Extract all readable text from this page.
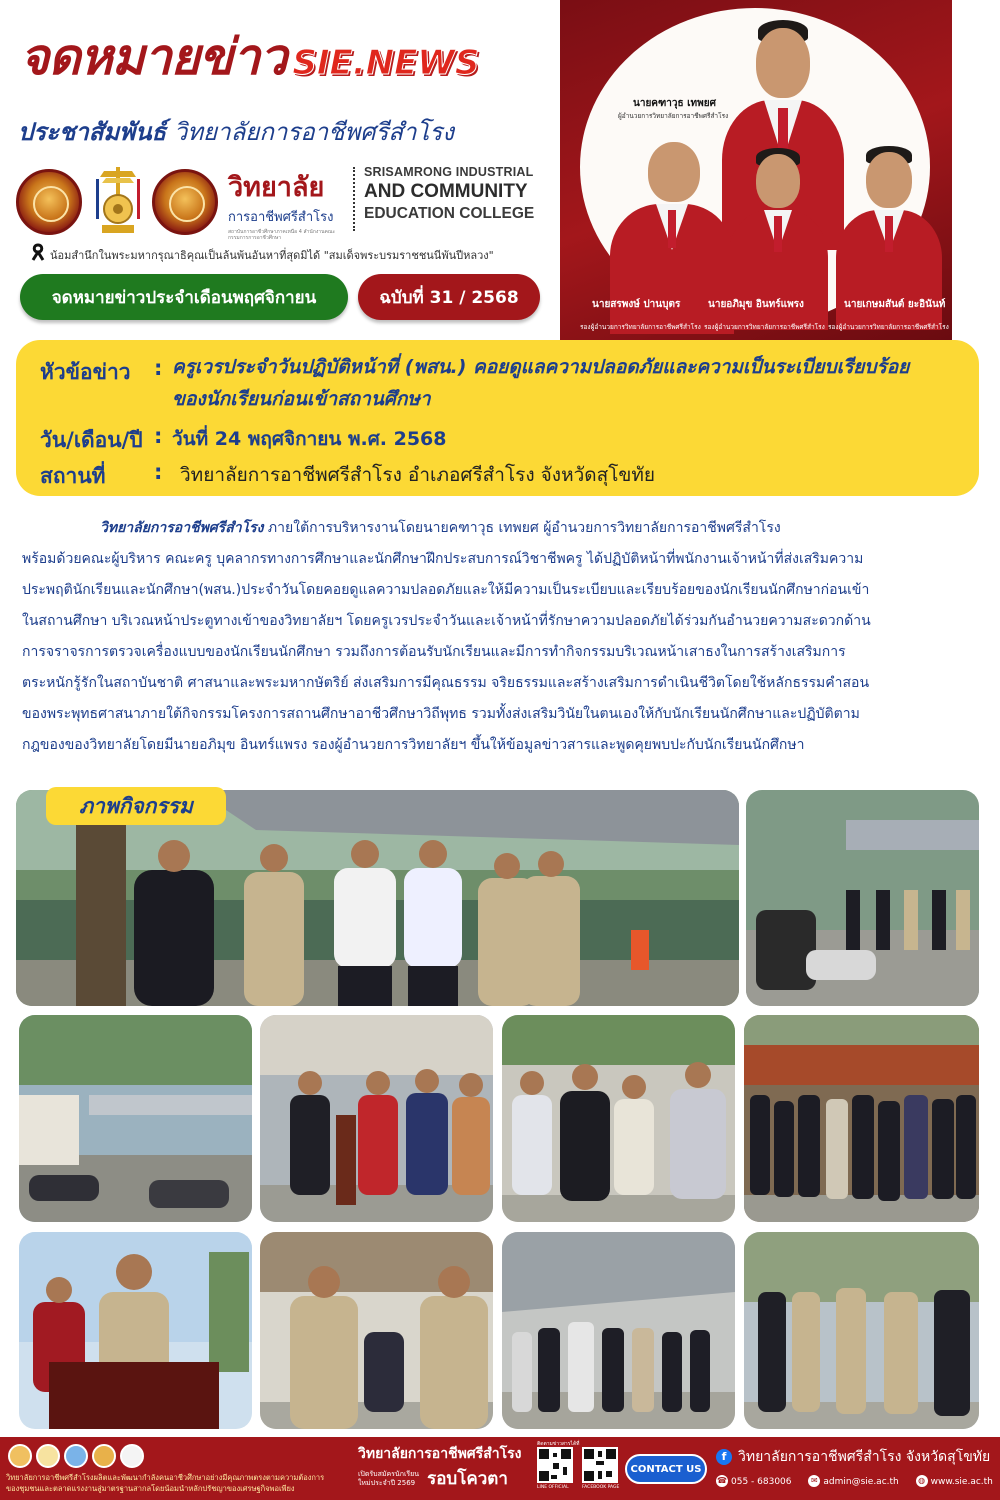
จดหมายข่าว SIE.NEWS
ประชาสัมพันธ์ วิทยาลัยการอาชีพศรีสำโรง
วิทยาลัย
การอาชีพศรีสำโรง
สถาบันการอาชีวศึกษาภาคเหนือ 4 สำนักงานคณะกรรมการการอาชีวศึกษา
SRISAMRONG INDUSTRIAL
AND COMMUNITY
EDUCATION COLLEGE
น้อมสำนึกในพระมหากรุณาธิคุณเป็นล้นพ้นอันหาที่สุดมิได้ "สมเด็จพระบรมราชชนนีพันปีหลวง"
จดหมายข่าวประจำเดือนพฤศจิกายน	ฉบับที่ 31 / 2568
นายคฑาวุธ เทพยศ
ผู้อำนวยการวิทยาลัยการอาชีพศรีสำโรง
นายสรพงษ์ ปานบุตร
รองผู้อำนวยการวิทยาลัยการอาชีพศรีสำโรง
นายอภิมุข อินทร์แพรง
รองผู้อำนวยการวิทยาลัยการอาชีพศรีสำโรง
นายเกษมสันต์ ยะอินันท์
รองผู้อำนวยการวิทยาลัยการอาชีพศรีสำโรง
หัวข้อข่าว : ครูเวรประจำวันปฏิบัติหน้าที่ (พสน.) คอยดูแลความปลอดภัยและความเป็นระเบียบเรียบร้อย
ของนักเรียนก่อนเข้าสถานศึกษา
วัน/เดือน/ปี : วันที่ 24 พฤศจิกายน พ.ศ. 2568
สถานที่ : วิทยาลัยการอาชีพศรีสำโรง อำเภอศรีสำโรง จังหวัดสุโขทัย
วิทยาลัยการอาชีพศรีสำโรง ภายใต้การบริหารงานโดยนายคฑาวุธ เทพยศ ผู้อำนวยการวิทยาลัยการอาชีพศรีสำโรง
พร้อมด้วยคณะผู้บริหาร คณะครู บุคลากรทางการศึกษาและนักศึกษาฝึกประสบการณ์วิชาชีพครู ได้ปฏิบัติหน้าที่พนักงานเจ้าหน้าที่ส่งเสริมความ
ประพฤตินักเรียนและนักศึกษา(พสน.)ประจำวันโดยคอยดูแลความปลอดภัยและให้มีความเป็นระเบียบและเรียบร้อยของนักเรียนนักศึกษาก่อนเข้า
ในสถานศึกษา บริเวณหน้าประตูทางเข้าของวิทยาลัยฯ โดยครูเวรประจำวันและเจ้าหน้าที่รักษาความปลอดภัยได้ร่วมกันอำนวยความสะดวกด้าน
การจราจรการตรวจเครื่องแบบของนักเรียนนักศึกษา รวมถึงการต้อนรับนักเรียนและมีการทำกิจกรรมบริเวณหน้าเสาธงในการสร้างเสริมการ
ตระหนักรู้รักในสถาบันชาติ ศาสนาและพระมหากษัตริย์ ส่งเสริมการมีคุณธรรม จริยธรรมและสร้างเสริมการดำเนินชีวิตโดยใช้หลักธรรมคำสอน
ของพระพุทธศาสนาภายใต้กิจกรรมโครงการสถานศึกษาอาชีวศึกษาวิถีพุทธ รวมทั้งส่งเสริมวินัยในตนเองให้กับนักเรียนนักศึกษาและปฏิบัติตาม
กฎของของวิทยาลัยโดยมีนายอภิมุข อินทร์แพรง รองผู้อำนวยการวิทยาลัยฯ ขึ้นให้ข้อมูลข่าวสารและพูดคุยพบปะกับนักเรียนนักศึกษา
ภาพกิจกรรม
วิทยาลัยการอาชีพศรีสำโรงผลิตและพัฒนากำลังคนอาชีวศึกษาอย่างมีคุณภาพตรงตามความต้องการของชุมชนและตลาดแรงงานสู่มาตรฐานสากลโดยน้อมนำหลักปรัชญาของเศรษฐกิจพอเพียง
วิทยาลัยการอาชีพศรีสำโรง
เปิดรับสมัครนักเรียนใหม่ประจำปี 2569 รอบโควตา
ติดตามข่าวสารได้ที่
LINE OFFICIAL	FACEBOOK PAGE
CONTACT US
f วิทยาลัยการอาชีพศรีสำโรง จังหวัดสุโขทัย
☎ 055 - 683006 ✉ admin@sie.ac.th ◍ www.sie.ac.th
